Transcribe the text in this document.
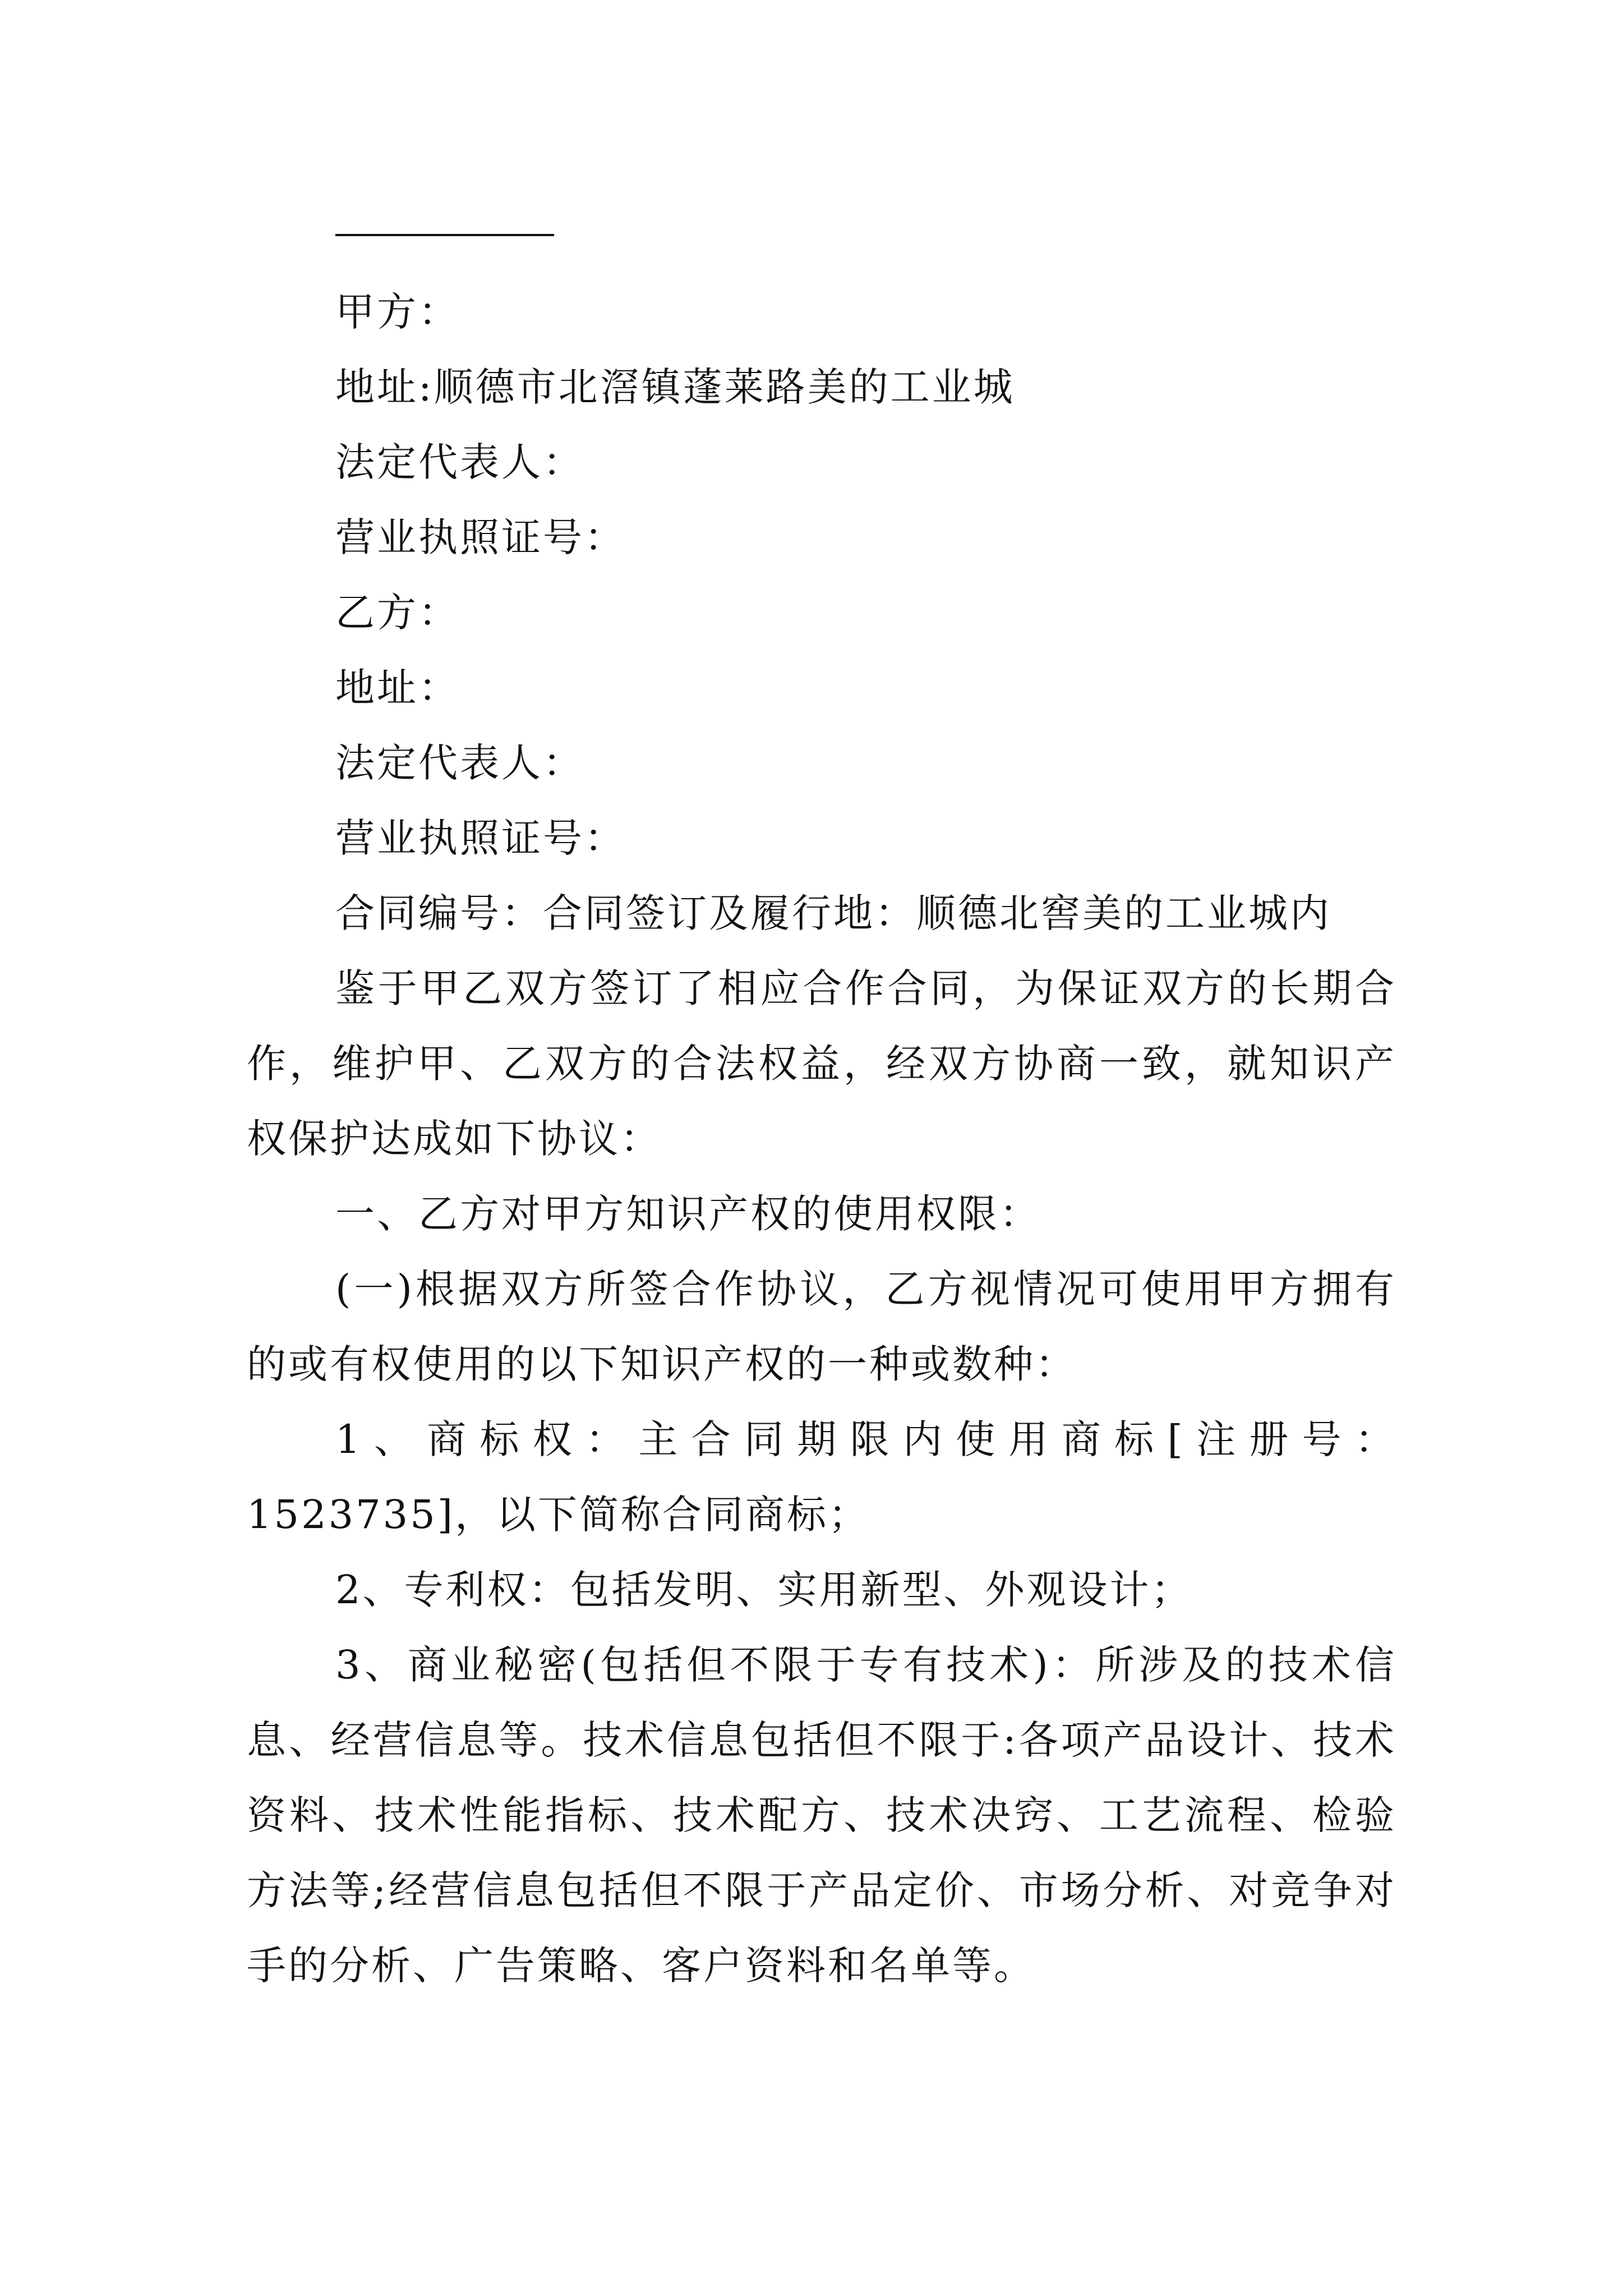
甲方：
地址:顺德市北滘镇蓬莱路美的工业城
法定代表人：
营业执照证号：
乙方：
地址：
法定代表人：
营业执照证号：
合同编号：合同签订及履行地：顺德北窖美的工业城内
鉴于甲乙双方签订了相应合作合同，为保证双方的长期合作，维护甲、乙双方的合法权益，经双方协商一致，就知识产权保护达成如下协议：
一、乙方对甲方知识产权的使用权限：
(一)根据双方所签合作协议，乙方视情况可使用甲方拥有的或有权使用的以下知识产权的一种或数种：
1、商标权：主合同期限内使用商标[注册号：1523735]，以下简称合同商标；
2、专利权：包括发明、实用新型、外观设计；
3、商业秘密(包括但不限于专有技术)：所涉及的技术信息、经营信息等。技术信息包括但不限于:各项产品设计、技术资料、技术性能指标、技术配方、技术决窍、工艺流程、检验方法等;经营信息包括但不限于产品定价、市场分析、对竞争对手的分析、广告策略、客户资料和名单等。
